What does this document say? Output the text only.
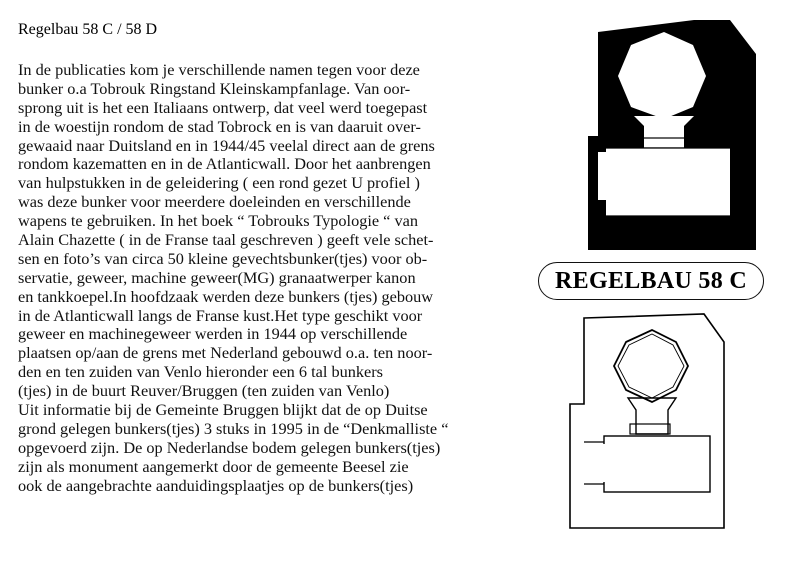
Regelbau 58 C / 58 D
In de publicaties kom je verschillende namen tegen voor deze
bunker o.a Tobrouk Ringstand Kleinskampfanlage. Van oor-
sprong uit is het een Italiaans ontwerp, dat veel werd toegepast
in de woestijn rondom de stad Tobrock en is van daaruit over-
gewaaid naar Duitsland en in 1944/45 veelal direct aan de grens
rondom kazematten en in de Atlanticwall. Door het aanbrengen
van hulpstukken in de geleidering ( een rond gezet U profiel )
was deze bunker voor meerdere doeleinden en verschillende
wapens te gebruiken. In het boek “ Tobrouks Typologie “ van
Alain Chazette ( in de Franse taal geschreven ) geeft vele schet-
sen en foto’s van circa 50 kleine gevechtsbunker(tjes) voor ob-
servatie, geweer, machine geweer(MG) granaatwerper kanon
en tankkoepel.In hoofdzaak werden deze bunkers (tjes) gebouw
in de Atlanticwall langs de Franse kust.Het type geschikt voor
geweer en machinegeweer werden in 1944 op verschillende
plaatsen op/aan de grens met Nederland gebouwd o.a. ten noor-
den en ten zuiden van Venlo hieronder een 6 tal bunkers
(tjes) in de buurt Reuver/Bruggen (ten zuiden van Venlo)
Uit informatie bij de Gemeinte Bruggen blijkt dat de op Duitse
grond gelegen bunkers(tjes) 3 stuks in 1995 in de “Denkmalliste “
opgevoerd zijn. De op Nederlandse bodem gelegen bunkers(tjes)
zijn als monument aangemerkt door de gemeente Beesel zie
ook de aangebrachte aanduidingsplaatjes op de bunkers(tjes)
REGELBAU 58 C
